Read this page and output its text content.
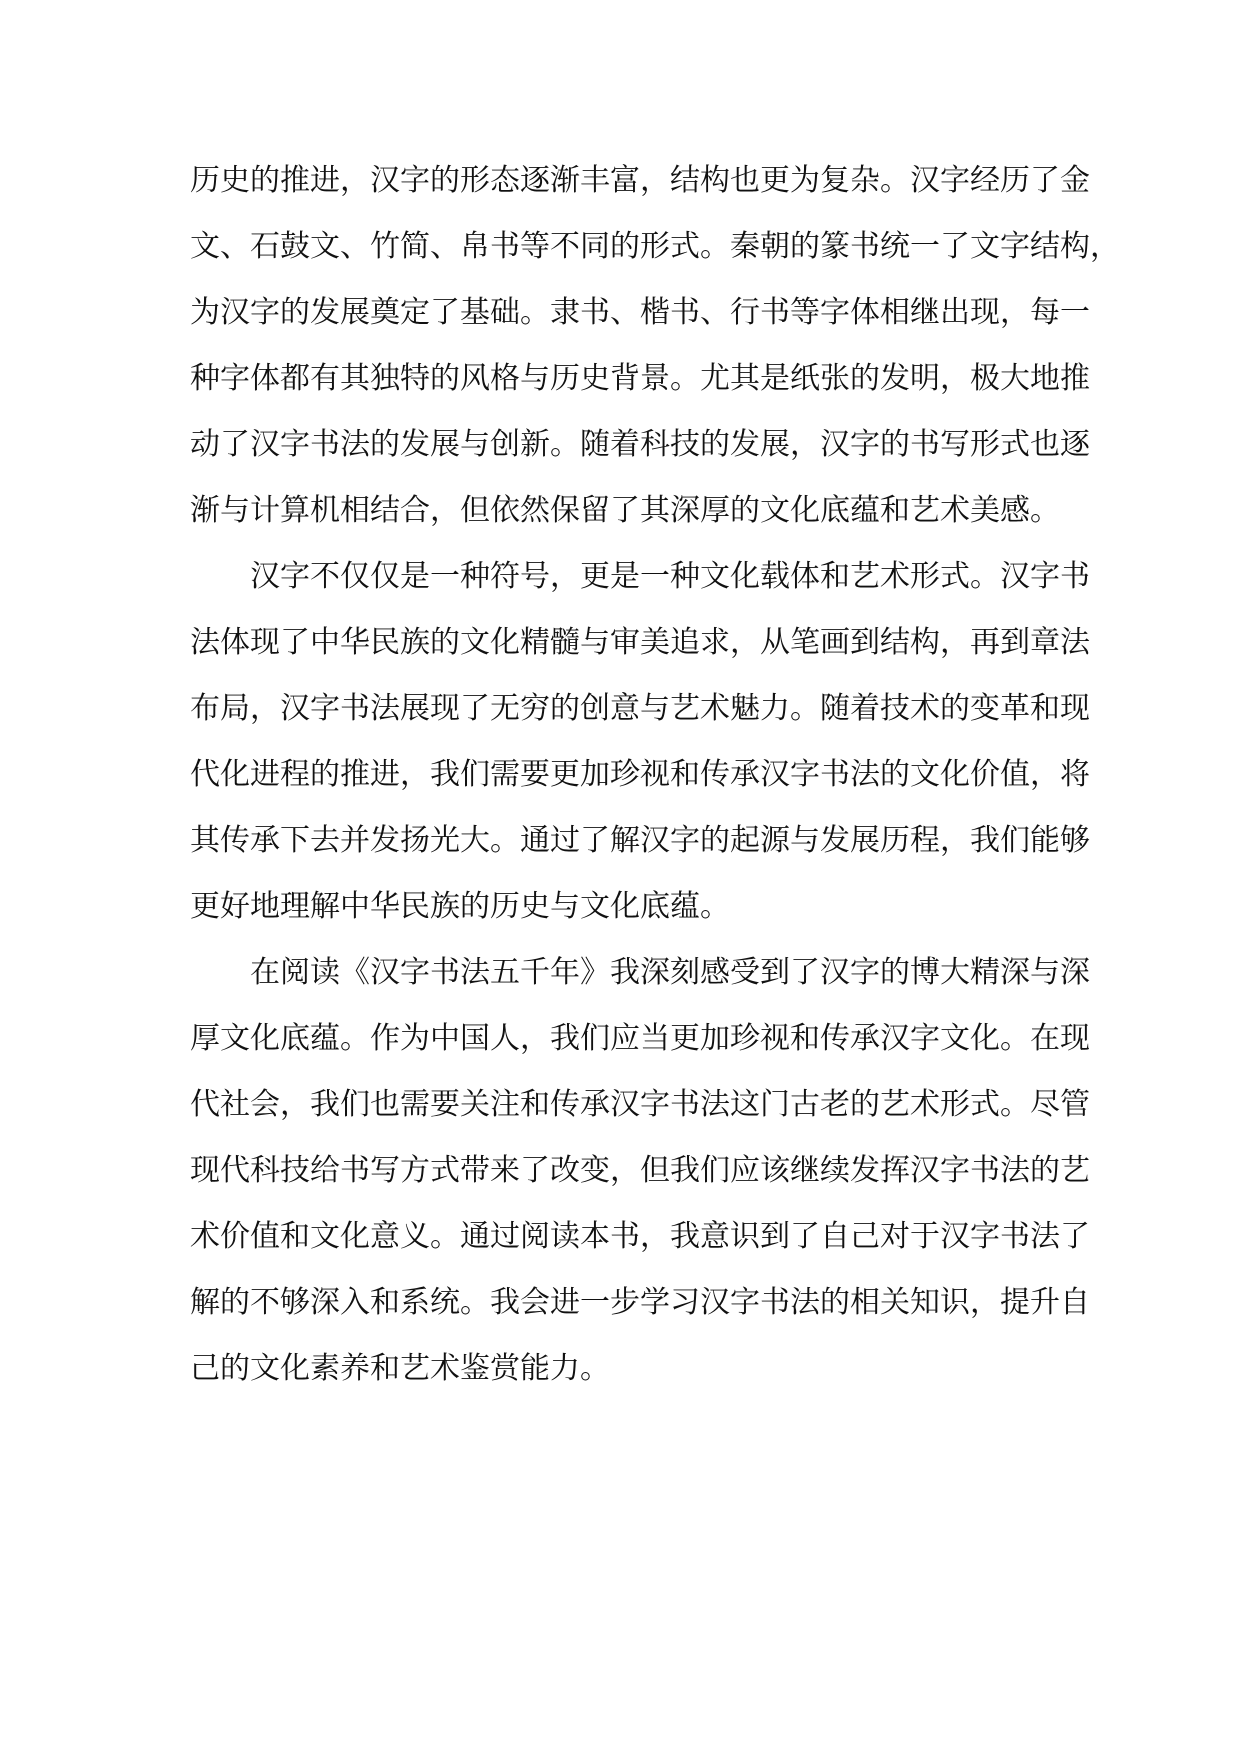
历史的推进，汉字的形态逐渐丰富，结构也更为复杂。汉字经历了金
文、石鼓文、竹简、帛书等不同的形式。秦朝的篆书统一了文字结构，
为汉字的发展奠定了基础。隶书、楷书、行书等字体相继出现，每一
种字体都有其独特的风格与历史背景。尤其是纸张的发明，极大地推
动了汉字书法的发展与创新。随着科技的发展，汉字的书写形式也逐
渐与计算机相结合，但依然保留了其深厚的文化底蕴和艺术美感。

汉字不仅仅是一种符号，更是一种文化载体和艺术形式。汉字书
法体现了中华民族的文化精髓与审美追求，从笔画到结构，再到章法
布局，汉字书法展现了无穷的创意与艺术魅力。随着技术的变革和现
代化进程的推进，我们需要更加珍视和传承汉字书法的文化价值，将
其传承下去并发扬光大。通过了解汉字的起源与发展历程，我们能够
更好地理解中华民族的历史与文化底蕴。

在阅读《汉字书法五千年》我深刻感受到了汉字的博大精深与深
厚文化底蕴。作为中国人，我们应当更加珍视和传承汉字文化。在现
代社会，我们也需要关注和传承汉字书法这门古老的艺术形式。尽管
现代科技给书写方式带来了改变，但我们应该继续发挥汉字书法的艺
术价值和文化意义。通过阅读本书，我意识到了自己对于汉字书法了
解的不够深入和系统。我会进一步学习汉字书法的相关知识，提升自
己的文化素养和艺术鉴赏能力。
